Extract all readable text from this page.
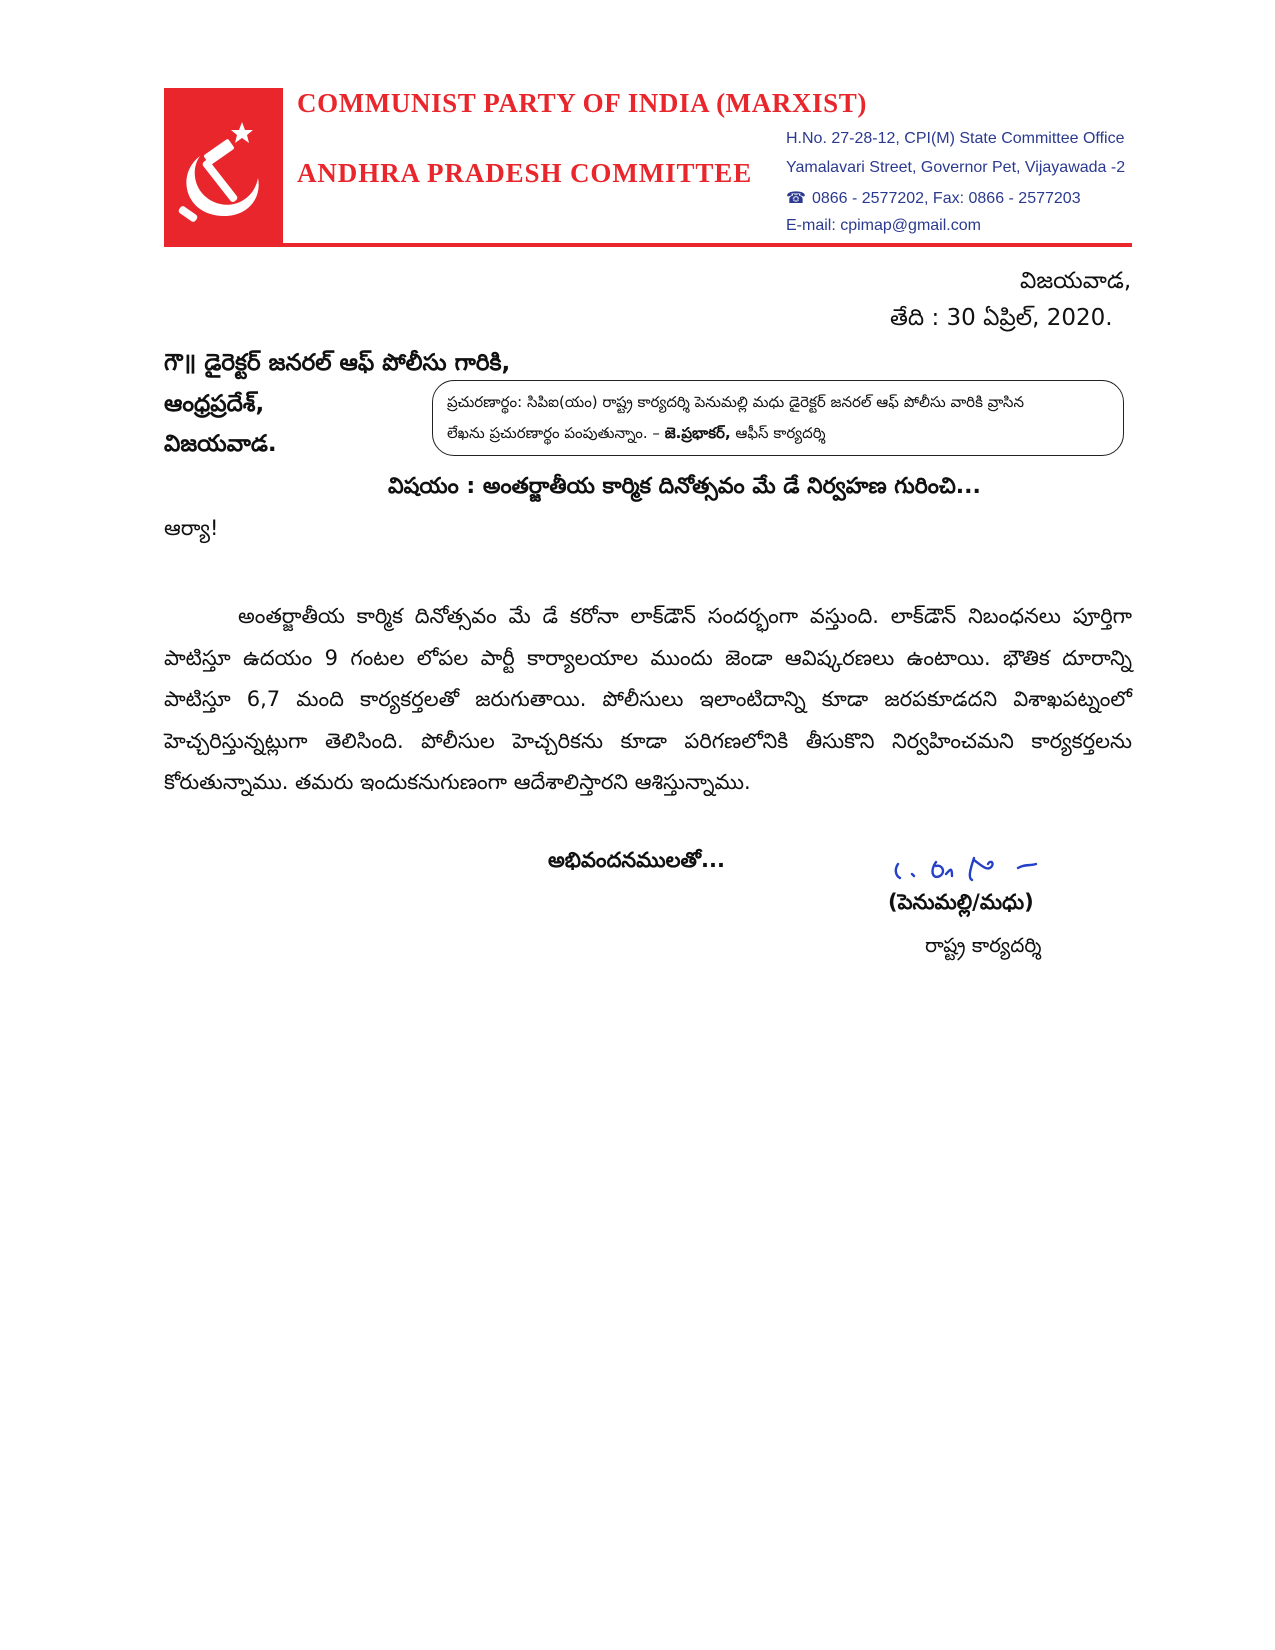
COMMUNIST PARTY OF INDIA (MARXIST)
ANDHRA PRADESH COMMITTEE
H.No. 27-28-12, CPI(M) State Committee Office
Yamalavari Street, Governor Pet, Vijayawada -2
☎ 0866 - 2577202, Fax: 0866 - 2577203
E-mail: cpimap@gmail.com
విజయవాడ,
తేది : 30 ఏప్రిల్, 2020.
గౌ॥ డైరెక్టర్ జనరల్ ఆఫ్ పోలీసు గారికి,
ఆంధ్రప్రదేశ్,
విజయవాడ.
ప్రచురణార్థం: సిపిఐ(యం) రాష్ట్ర కార్యదర్శి పెనుమల్లి మధు డైరెక్టర్ జనరల్ ఆఫ్ పోలీసు వారికి వ్రాసిన
లేఖను ప్రచురణార్థం పంపుతున్నాం. – జె.ప్రభాకర్, ఆఫీస్ కార్యదర్శి
విషయం : అంతర్జాతీయ కార్మిక దినోత్సవం మే డే నిర్వహణ గురించి...
ఆర్యా!
అంతర్జాతీయ కార్మిక దినోత్సవం మే డే కరోనా లాక్‌డౌన్ సందర్భంగా వస్తుంది. లాక్‌డౌన్ నిబంధనలు పూర్తిగా పాటిస్తూ ఉదయం 9 గంటల లోపల పార్టీ కార్యాలయాల ముందు జెండా ఆవిష్కరణలు ఉంటాయి. భౌతిక దూరాన్ని పాటిస్తూ 6,7 మంది కార్యకర్తలతో జరుగుతాయి. పోలీసులు ఇలాంటిదాన్ని కూడా జరపకూడదని విశాఖపట్నంలో హెచ్చరిస్తున్నట్లుగా తెలిసింది. పోలీసుల హెచ్చరికను కూడా పరిగణలోనికి తీసుకొని నిర్వహించమని కార్యకర్తలను కోరుతున్నాము. తమరు ఇందుకనుగుణంగా ఆదేశాలిస్తారని ఆశిస్తున్నాము.
అభివందనములతో...
(పెనుమల్లి/మధు)
రాష్ట్ర కార్యదర్శి
